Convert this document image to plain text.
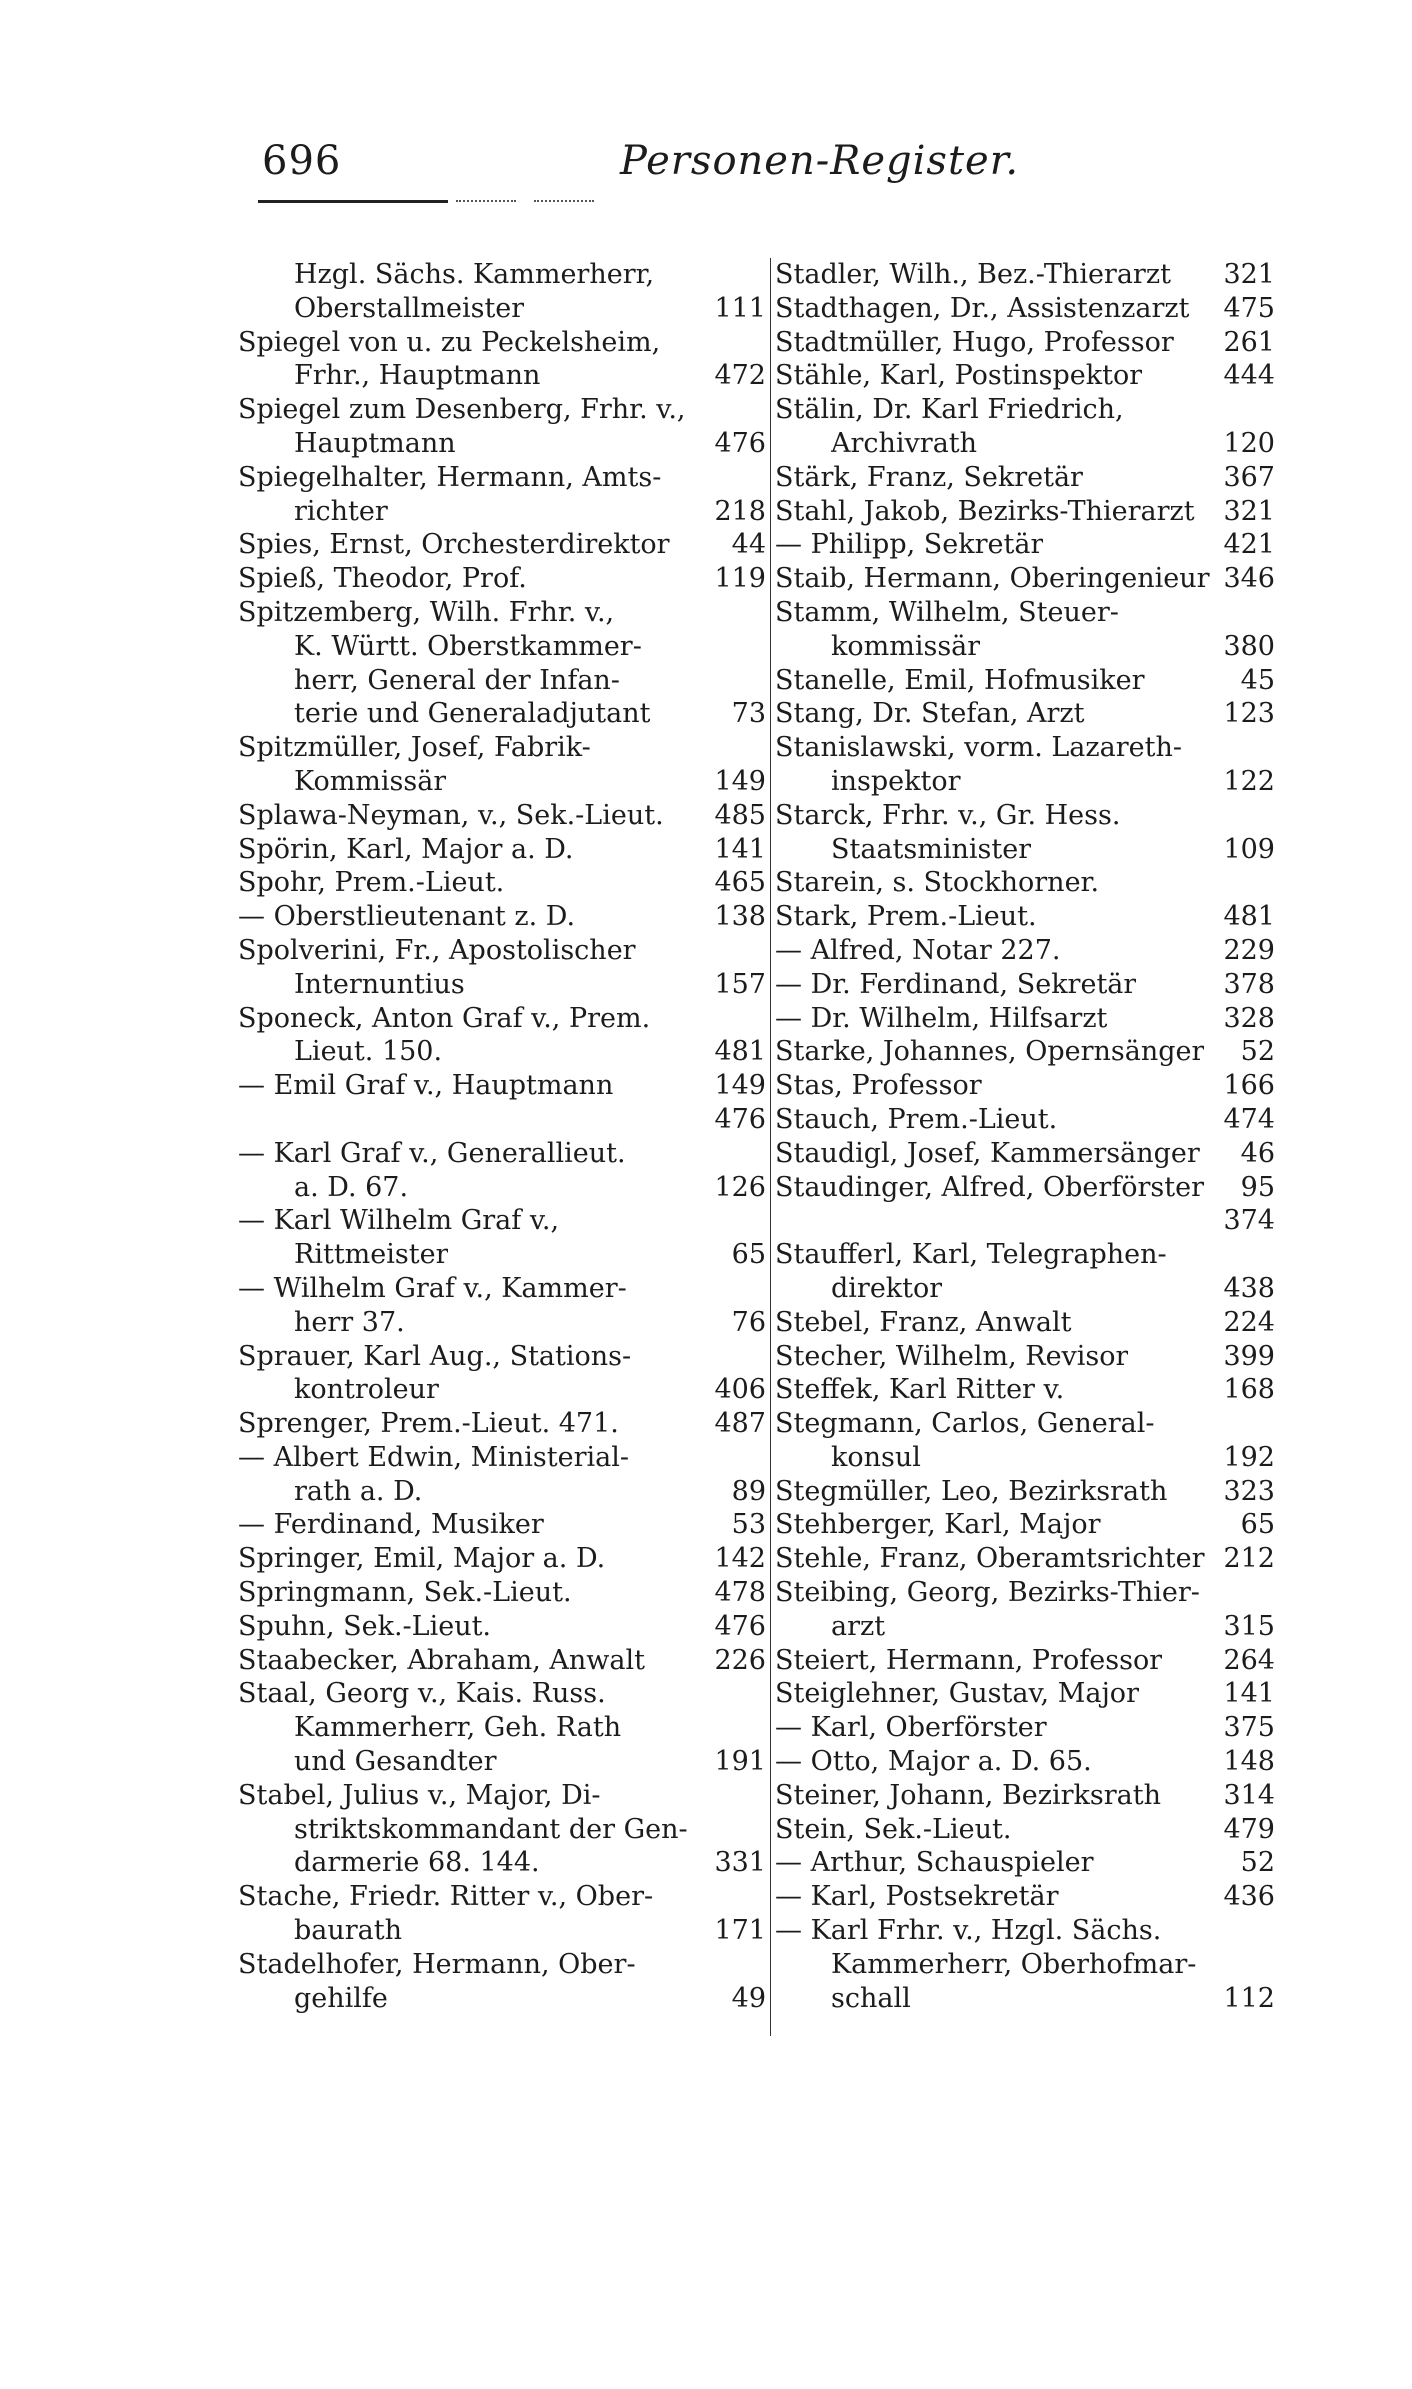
696	Personen-Register.
Hzgl. Sächs. Kammerherr,
Oberstallmeister	111
Spiegel von u. zu Peckelsheim,
Frhr., Hauptmann	472
Spiegel zum Desenberg, Frhr. v.,
Hauptmann	476
Spiegelhalter, Hermann, Amts-
richter	218
Spies, Ernst, Orchesterdirektor	44
Spieß, Theodor, Prof.	119
Spitzemberg, Wilh. Frhr. v.,
K. Württ. Oberstkammer-
herr, General der Infan-
terie und Generaladjutant	73
Spitzmüller, Josef, Fabrik-
Kommissär	149
Splawa-Neyman, v., Sek.-Lieut.	485
Spörin, Karl, Major a. D.	141
Spohr, Prem.-Lieut.	465
— Oberstlieutenant z. D.	138
Spolverini, Fr., Apostolischer
Internuntius	157
Sponeck, Anton Graf v., Prem.
Lieut. 150.	481
— Emil Graf v., Hauptmann	149
476
— Karl Graf v., Generallieut.
a. D. 67.	126
— Karl Wilhelm Graf v.,
Rittmeister	65
— Wilhelm Graf v., Kammer-
herr 37.	76
Sprauer, Karl Aug., Stations-
kontroleur	406
Sprenger, Prem.-Lieut. 471.	487
— Albert Edwin, Ministerial-
rath a. D.	89
— Ferdinand, Musiker	53
Springer, Emil, Major a. D.	142
Springmann, Sek.-Lieut.	478
Spuhn, Sek.-Lieut.	476
Staabecker, Abraham, Anwalt	226
Staal, Georg v., Kais. Russ.
Kammerherr, Geh. Rath
und Gesandter	191
Stabel, Julius v., Major, Di-
striktskommandant der Gen-
darmerie 68. 144.	331
Stache, Friedr. Ritter v., Ober-
baurath	171
Stadelhofer, Hermann, Ober-
gehilfe	49
Stadler, Wilh., Bez.-Thierarzt	321
Stadthagen, Dr., Assistenzarzt	475
Stadtmüller, Hugo, Professor	261
Stähle, Karl, Postinspektor	444
Stälin, Dr. Karl Friedrich,
Archivrath	120
Stärk, Franz, Sekretär	367
Stahl, Jakob, Bezirks-Thierarzt	321
— Philipp, Sekretär	421
Staib, Hermann, Oberingenieur 346
Stamm, Wilhelm, Steuer-
kommissär	380
Stanelle, Emil, Hofmusiker	45
Stang, Dr. Stefan, Arzt	123
Stanislawski, vorm. Lazareth-
inspektor	122
Starck, Frhr. v., Gr. Hess.
Staatsminister	109
Starein, s. Stockhorner.
Stark, Prem.-Lieut.	481
— Alfred, Notar 227.	229
— Dr. Ferdinand, Sekretär	378
— Dr. Wilhelm, Hilfsarzt	328
Starke, Johannes, Opernsänger	52
Stas, Professor	166
Stauch, Prem.-Lieut.	474
Staudigl, Josef, Kammersänger	46
Staudinger, Alfred, Oberförster	95
374
Staufferl, Karl, Telegraphen-
direktor	438
Stebel, Franz, Anwalt	224
Stecher, Wilhelm, Revisor	399
Steffek, Karl Ritter v.	168
Stegmann, Carlos, General-
konsul	192
Stegmüller, Leo, Bezirksrath	323
Stehberger, Karl, Major	65
Stehle, Franz, Oberamtsrichter 212
Steibing, Georg, Bezirks-Thier-
arzt	315
Steiert, Hermann, Professor	264
Steiglehner, Gustav, Major	141
— Karl, Oberförster	375
— Otto, Major a. D. 65.	148
Steiner, Johann, Bezirksrath	314
Stein, Sek.-Lieut.	479
— Arthur, Schauspieler	52
— Karl, Postsekretär	436
— Karl Frhr. v., Hzgl. Sächs.
Kammerherr, Oberhofmar-
schall	112
